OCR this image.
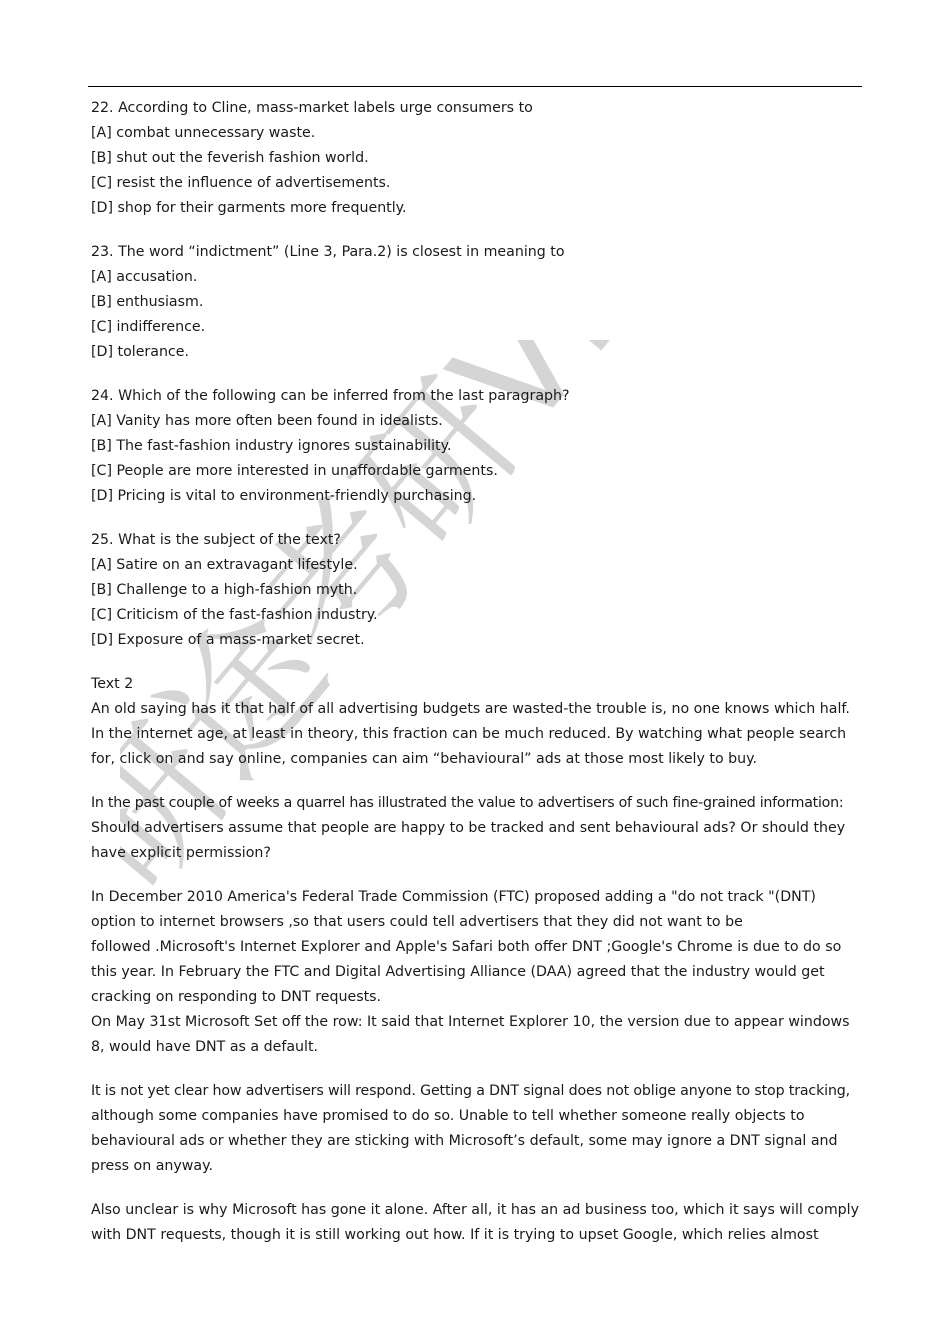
研途考研VIP
22. According to Cline, mass-market labels urge consumers to
[A] combat unnecessary waste.
[B] shut out the feverish fashion world.
[C] resist the influence of advertisements.
[D] shop for their garments more frequently.
23. The word “indictment” (Line 3, Para.2) is closest in meaning to
[A] accusation.
[B] enthusiasm.
[C] indifference.
[D] tolerance.
24. Which of the following can be inferred from the last paragraph?
[A] Vanity has more often been found in idealists.
[B] The fast-fashion industry ignores sustainability.
[C] People are more interested in unaffordable garments.
[D] Pricing is vital to environment-friendly purchasing.
25. What is the subject of the text?
[A] Satire on an extravagant lifestyle.
[B] Challenge to a high-fashion myth.
[C] Criticism of the fast-fashion industry.
[D] Exposure of a mass-market secret.
Text 2
An old saying has it that half of all advertising budgets are wasted-the trouble is, no one knows which half.
In the internet age, at least in theory, this fraction can be much reduced. By watching what people search
for, click on and say online, companies can aim “behavioural” ads at those most likely to buy.
In the past couple of weeks a quarrel has illustrated the value to advertisers of such fine-grained information:
Should advertisers assume that people are happy to be tracked and sent behavioural ads? Or should they
have explicit permission?
In December 2010 America's Federal Trade Commission (FTC) proposed adding a "do not track "(DNT)
option to internet browsers ,so that users could tell advertisers that they did not want to be
followed .Microsoft's Internet Explorer and Apple's Safari both offer DNT ;Google's Chrome is due to do so
this year. In February the FTC and Digital Advertising Alliance (DAA) agreed that the industry would get
cracking on responding to DNT requests.
On May 31st Microsoft Set off the row: It said that Internet Explorer 10, the version due to appear windows
8, would have DNT as a default.
It is not yet clear how advertisers will respond. Getting a DNT signal does not oblige anyone to stop tracking,
although some companies have promised to do so. Unable to tell whether someone really objects to
behavioural ads or whether they are sticking with Microsoft’s default, some may ignore a DNT signal and
press on anyway.
Also unclear is why Microsoft has gone it alone. After all, it has an ad business too, which it says will comply
with DNT requests, though it is still working out how. If it is trying to upset Google, which relies almost
